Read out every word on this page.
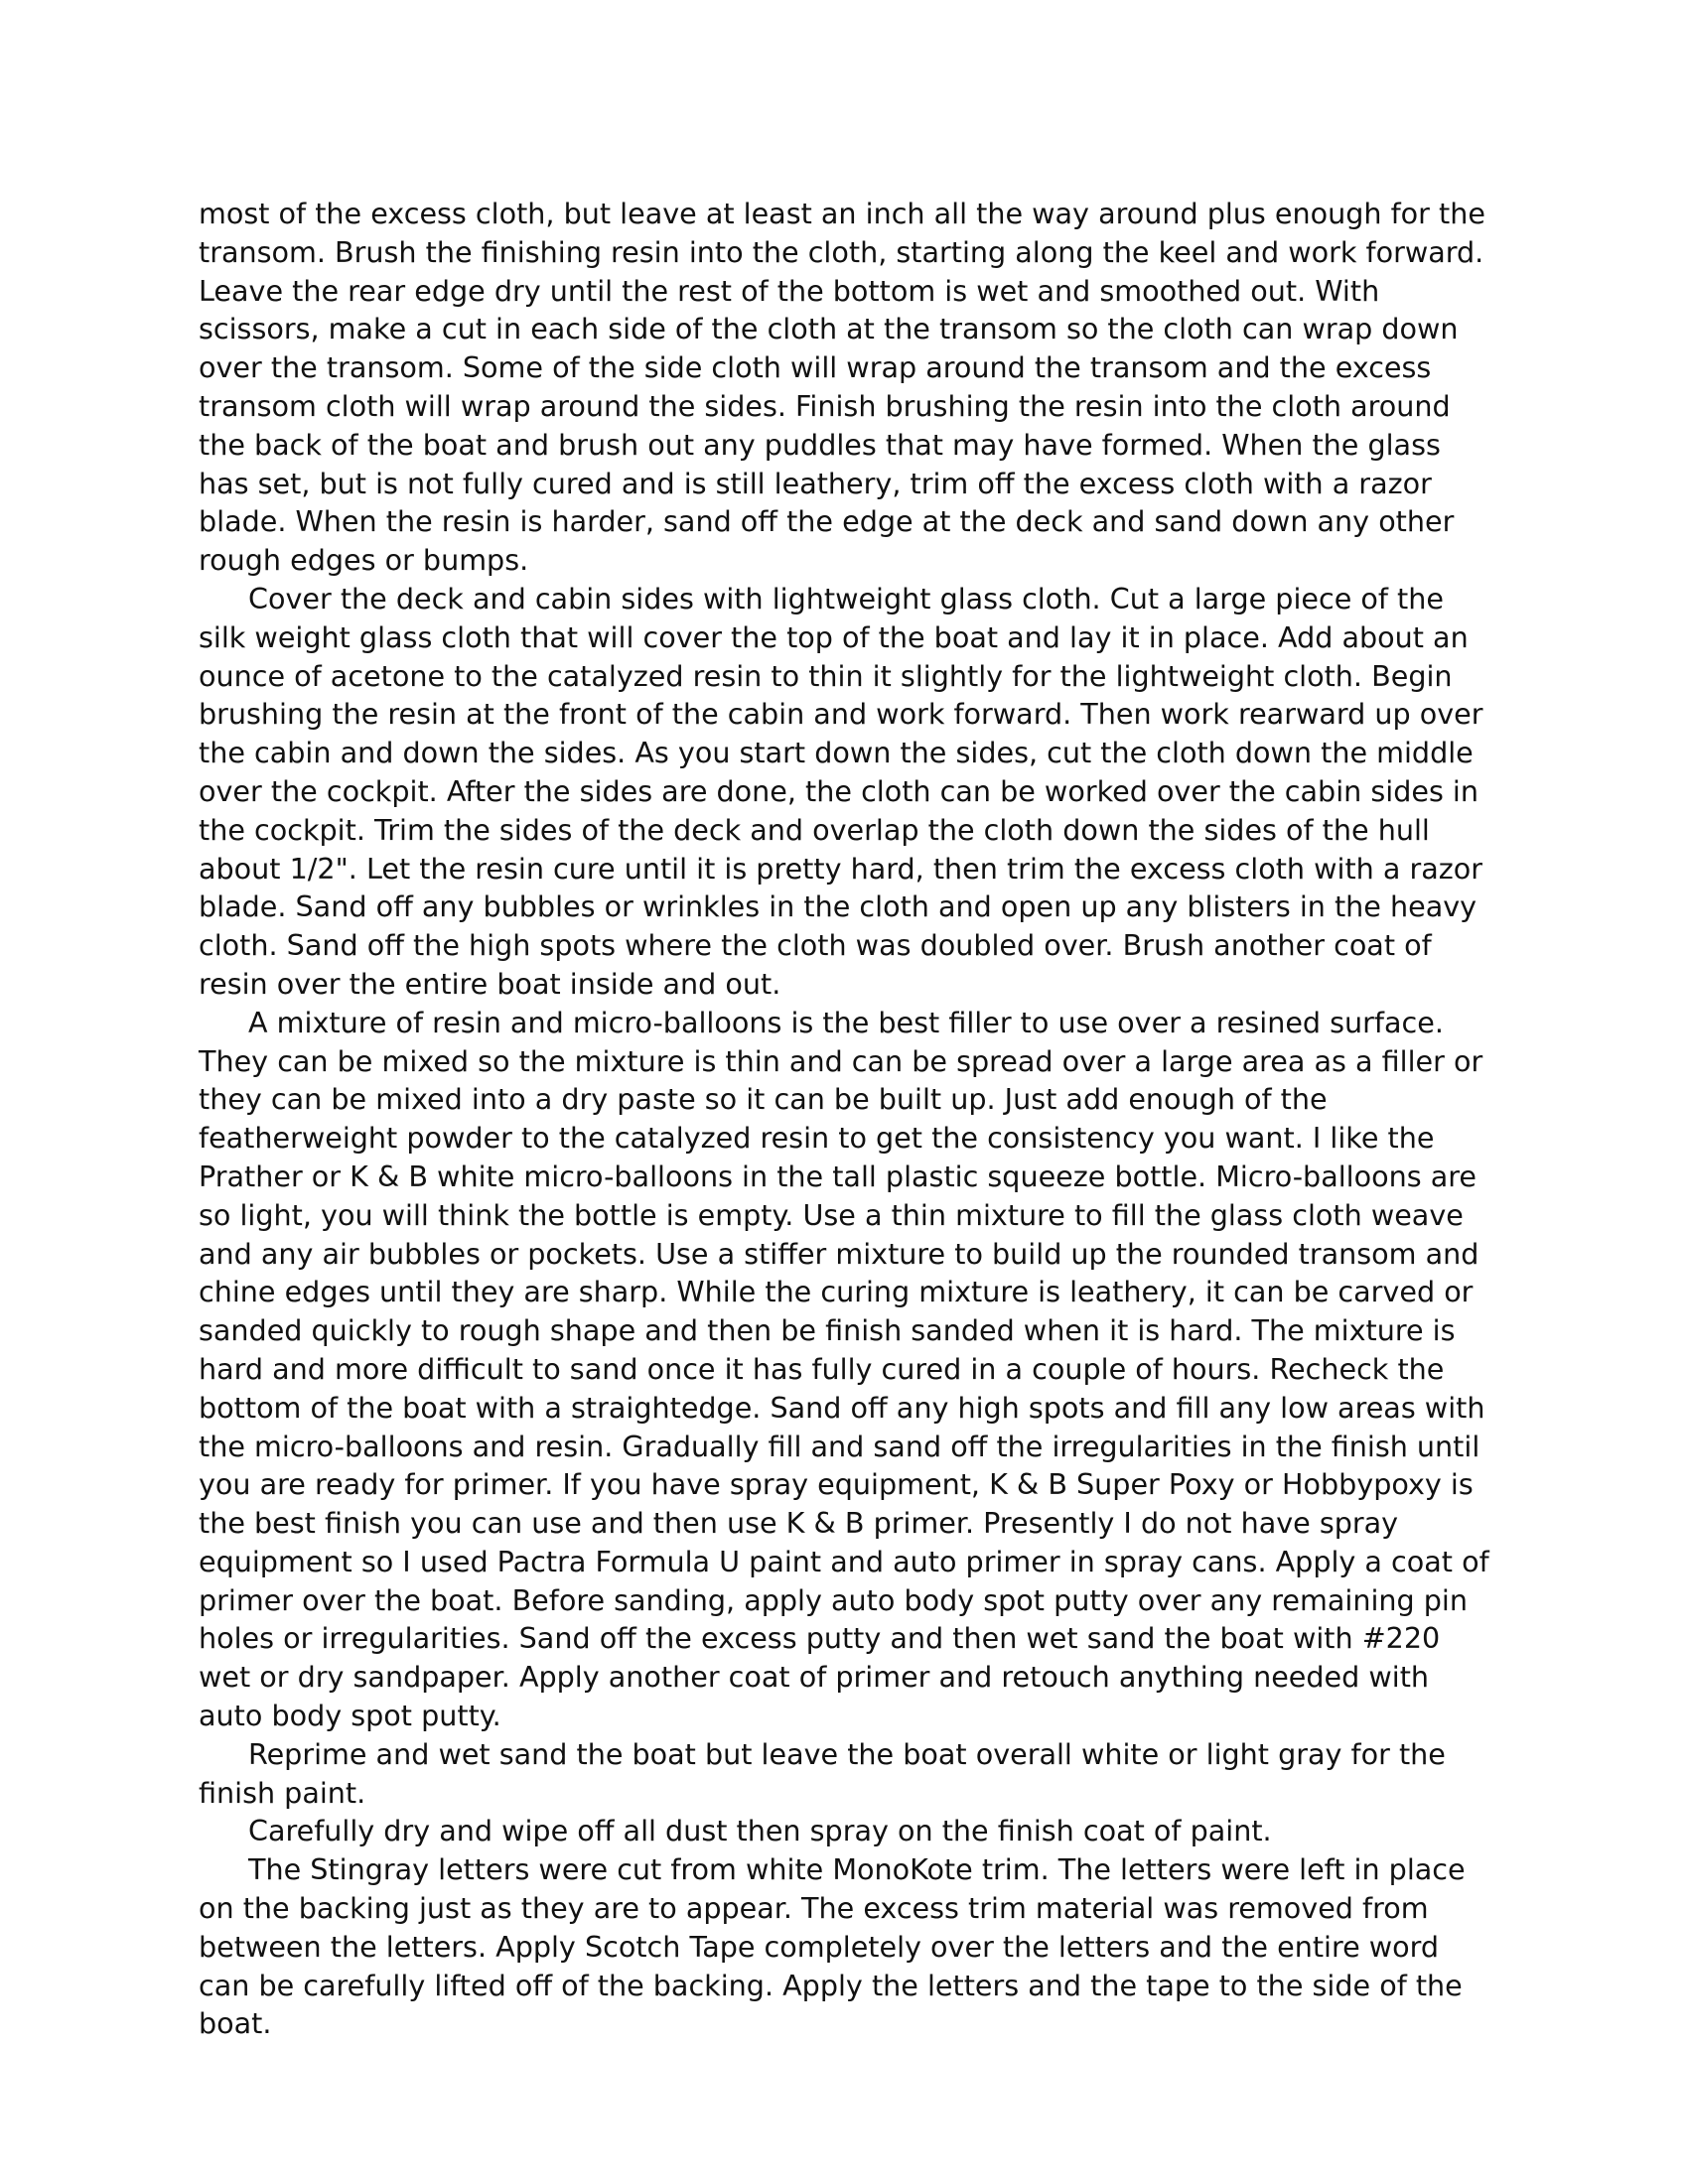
most of the excess cloth, but leave at least an inch all the way around plus enough for the transom. Brush the finishing resin into the cloth, starting along the keel and work forward. Leave the rear edge dry until the rest of the bottom is wet and smoothed out. With scissors, make a cut in each side of the cloth at the transom so the cloth can wrap down over the transom. Some of the side cloth will wrap around the transom and the excess transom cloth will wrap around the sides. Finish brushing the resin into the cloth around the back of the boat and brush out any puddles that may have formed. When the glass has set, but is not fully cured and is still leathery, trim off the excess cloth with a razor blade. When the resin is harder, sand off the edge at the deck and sand down any other rough edges or bumps.

Cover the deck and cabin sides with lightweight glass cloth. Cut a large piece of the silk weight glass cloth that will cover the top of the boat and lay it in place. Add about an ounce of acetone to the catalyzed resin to thin it slightly for the lightweight cloth. Begin brushing the resin at the front of the cabin and work forward. Then work rearward up over the cabin and down the sides. As you start down the sides, cut the cloth down the middle over the cockpit. After the sides are done, the cloth can be worked over the cabin sides in the cockpit. Trim the sides of the deck and overlap the cloth down the sides of the hull about 1/2". Let the resin cure until it is pretty hard, then trim the excess cloth with a razor blade. Sand off any bubbles or wrinkles in the cloth and open up any blisters in the heavy cloth. Sand off the high spots where the cloth was doubled over. Brush another coat of resin over the entire boat inside and out.

A mixture of resin and micro-balloons is the best filler to use over a resined surface. They can be mixed so the mixture is thin and can be spread over a large area as a filler or they can be mixed into a dry paste so it can be built up. Just add enough of the featherweight powder to the catalyzed resin to get the consistency you want. I like the Prather or K & B white micro-balloons in the tall plastic squeeze bottle. Micro-balloons are so light, you will think the bottle is empty. Use a thin mixture to fill the glass cloth weave and any air bubbles or pockets. Use a stiffer mixture to build up the rounded transom and chine edges until they are sharp. While the curing mixture is leathery, it can be carved or sanded quickly to rough shape and then be finish sanded when it is hard. The mixture is hard and more difficult to sand once it has fully cured in a couple of hours. Recheck the bottom of the boat with a straightedge. Sand off any high spots and fill any low areas with the micro-balloons and resin. Gradually fill and sand off the irregularities in the finish until you are ready for primer. If you have spray equipment, K & B Super Poxy or Hobbypoxy is the best finish you can use and then use K & B primer. Presently I do not have spray equipment so I used Pactra Formula U paint and auto primer in spray cans. Apply a coat of primer over the boat. Before sanding, apply auto body spot putty over any remaining pin holes or irregularities. Sand off the excess putty and then wet sand the boat with #220 wet or dry sandpaper. Apply another coat of primer and retouch anything needed with auto body spot putty.

Reprime and wet sand the boat but leave the boat overall white or light gray for the finish paint.

Carefully dry and wipe off all dust then spray on the finish coat of paint.

The Stingray letters were cut from white MonoKote trim. The letters were left in place on the backing just as they are to appear. The excess trim material was removed from between the letters. Apply Scotch Tape completely over the letters and the entire word can be carefully lifted off of the backing. Apply the letters and the tape to the side of the boat.
